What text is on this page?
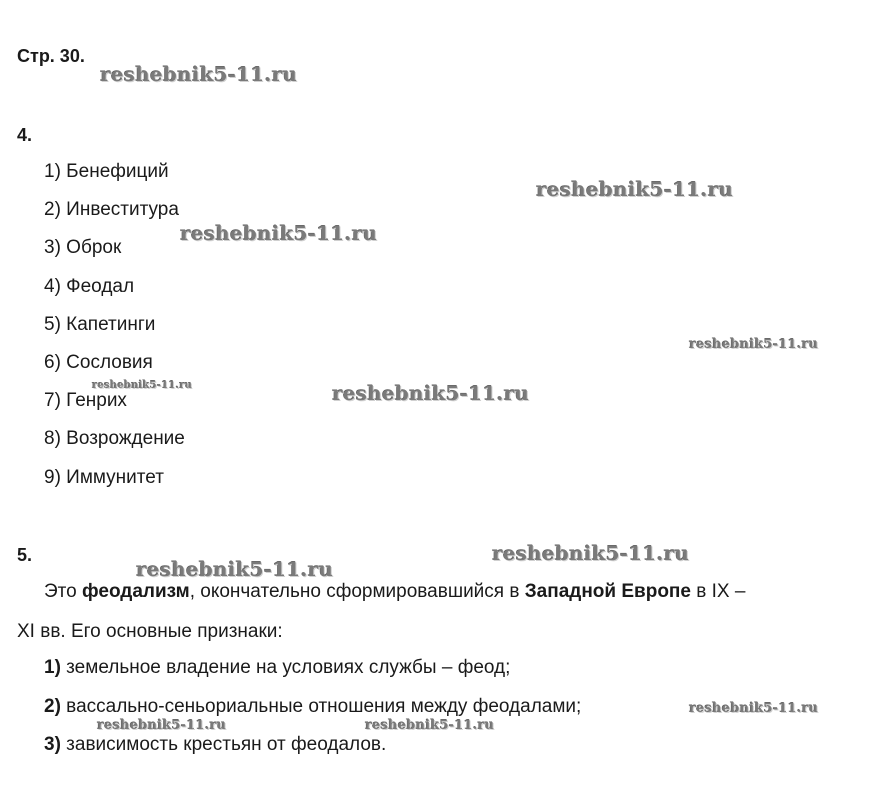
Стр. 30.
4.
1) Бенефиций
2) Инвеститура
3) Оброк
4) Феодал
5) Капетинги
6) Сословия
7) Генрих
8) Возрождение
9) Иммунитет
5.
Это феодализм, окончательно сформировавшийся в Западной Европе в IX –
XI вв. Его основные признаки:
1) земельное владение на условиях службы – феод;
2) вассально-сеньориальные отношения между феодалами;
3) зависимость крестьян от феодалов.
reshebnik5-11.ru
reshebnik5-11.ru
reshebnik5-11.ru
reshebnik5-11.ru
reshebnik5-11.ru	reshebnik5-11.ru
reshebnik5-11.ru
reshebnik5-11.ru
reshebnik5-11.ru
reshebnik5-11.ru	reshebnik5-11.ru
